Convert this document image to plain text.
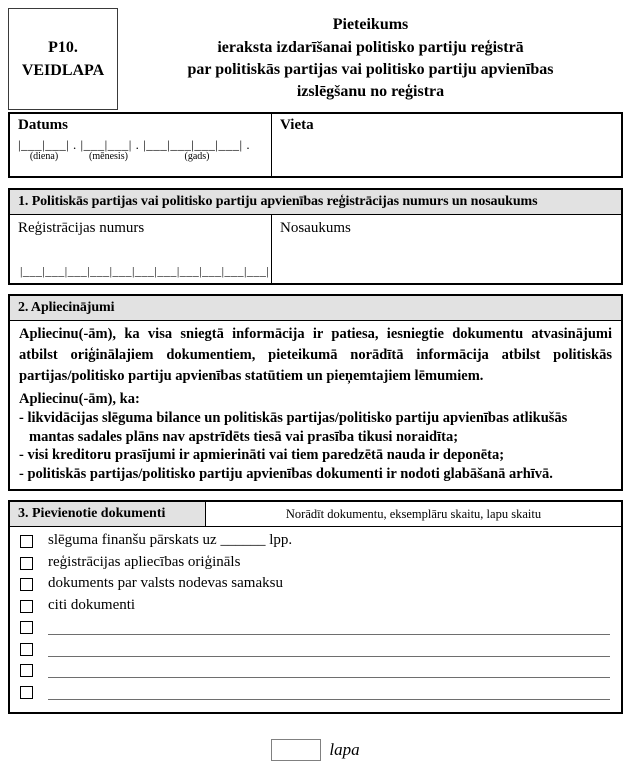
P10.
VEIDLAPA
Pieteikums
ieraksta izdarīšanai politisko partiju reģistrā
par politiskās partijas vai politisko partiju apvienības
izslēgšanu no reģistra
Datums
|___|___| . |___|___| . |___|___|___|___| .
(diena)	(mēnesis)	(gads)
Vieta
1. Politiskās partijas vai politisko partiju apvienības reģistrācijas numurs un nosaukums
Reģistrācijas numurs
|___|___|___|___|___|___|___|___|___|___|___|
Nosaukums
2. Apliecinājumi

Apliecinu(-ām), ka visa sniegtā informācija ir patiesa, iesniegtie dokumentu atvasinājumi atbilst oriģinālajiem dokumentiem, pieteikumā norādītā informācija atbilst politiskās partijas/politisko partiju apvienības statūtiem un pieņemtajiem lēmumiem.

Apliecinu(-ām), ka:

- likvidācijas slēguma bilance un politiskās partijas/politisko partiju apvienības atlikušās mantas sadales plāns nav apstrīdēts tiesā vai prasība tikusi noraidīta;

- visi kreditoru prasījumi ir apmierināti vai tiem paredzētā nauda ir deponēta;

- politiskās partijas/politisko partiju apvienības dokumenti ir nodoti glabāšanā arhīvā.

3. Pievienotie dokumenti	Norādīt dokumentu, eksemplāru skaitu, lapu skaitu
slēguma finanšu pārskats uz ______ lpp.
reģistrācijas apliecības oriģināls
dokuments par valsts nodevas samaksu
citi dokumenti
lapa
